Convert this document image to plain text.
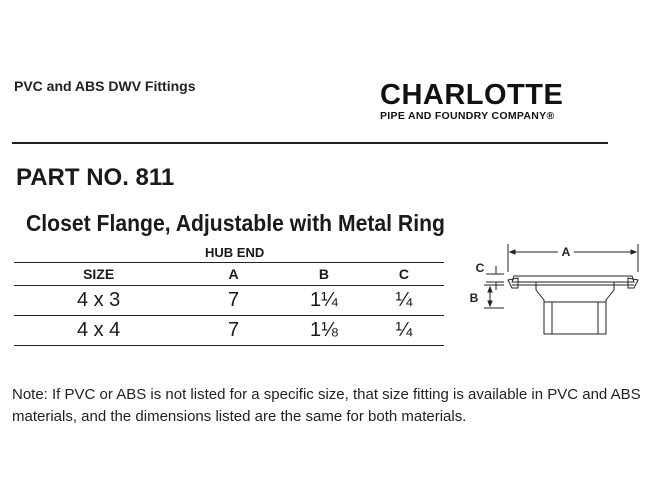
PVC and ABS DWV Fittings	CHARLOTTE
PIPE AND FOUNDRY COMPANY®
PART NO. 811
Closet Flange, Adjustable with Metal Ring
HUB END
SIZE	A	B	C
4 x 3	7	1¼	¼
4 x 4	7	1⅛	¼
A
C
B
Note: If PVC or ABS is not listed for a specific size, that size fitting is available in PVC and ABS materials, and the dimensions listed are the same for both materials.
